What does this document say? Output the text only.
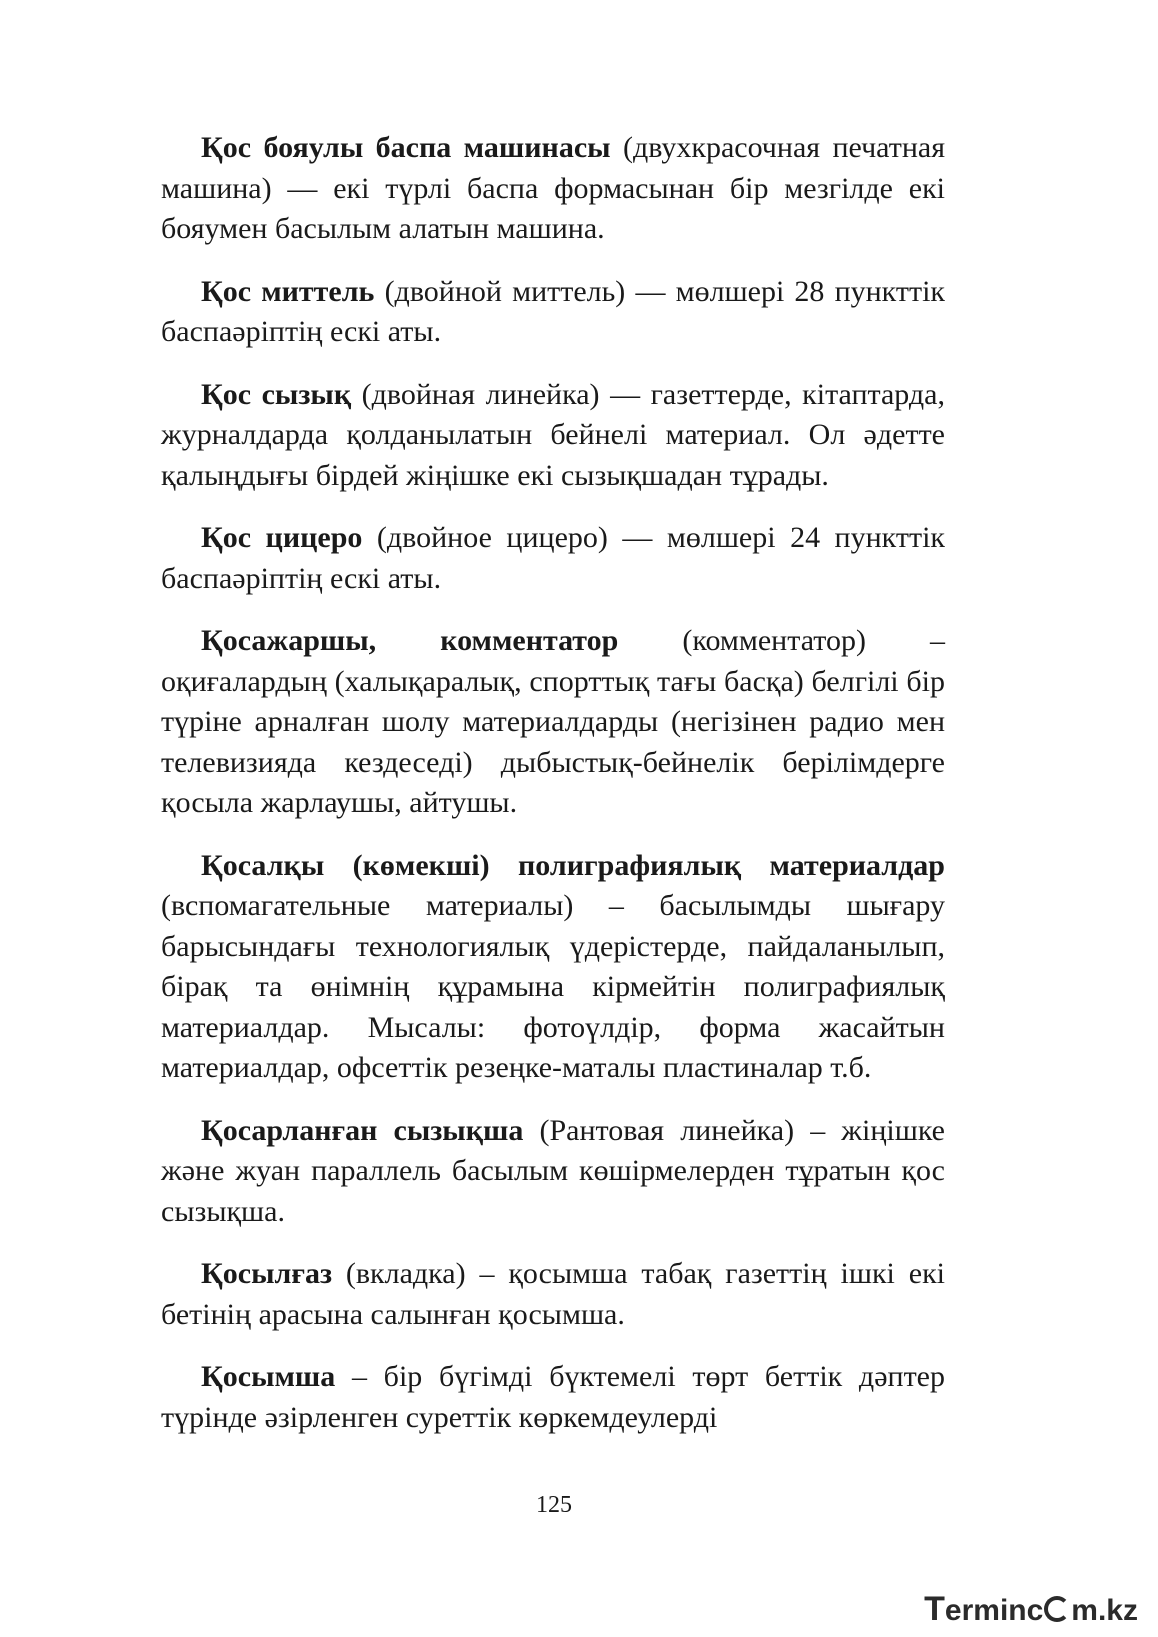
Қос бояулы баспа машинасы (двухкрасочная печатная машина) — екі түрлі баспа формасынан бір мезгілде екі бояумен басылым алатын машина.

Қос миттель (двойной миттель) — мөлшері 28 пункттік баспаәріптің ескі аты.

Қос сызық (двойная линейка) — газеттерде, кітаптарда, журналдарда қолданылатын бейнелі материал. Ол әдетте қалыңдығы бірдей жіңішке екі сызықшадан тұрады.

Қос цицеро (двойное цицеро) — мөлшері 24 пункттік баспаәріптің ескі аты.

Қосажаршы, комментатор (комментатор) – оқиғалардың (халықаралық, спорттық тағы басқа) белгілі бір түріне арналған шолу материалдарды (негізінен радио мен телевизияда кездеседі) дыбыстық-бейнелік берілімдерге қосыла жарлаушы, айтушы.

Қосалқы (көмекші) полиграфиялық материалдар (вспомагательные материалы) – басылымды шығару барысындағы технологиялық үдерістерде, пайдаланылып, бірақ та өнімнің құрамына кірмейтін полиграфиялық материалдар. Мысалы: фотоүлдір, форма жасайтын материалдар, офсеттік резеңке-маталы пластиналар т.б.

Қосарланған сызықша (Рантовая линейка) – жіңішке және жуан параллель басылым көшірмелерден тұратын қос сызықша.

Қосылғаз (вкладка) – қосымша табақ газеттің ішкі екі бетінің арасына салынған қосымша.

Қосымша – бір бүгімді бүктемелі төрт беттік дәптер түрінде әзірленген суреттік көркемдеулерді

125
Terminc m.kz
